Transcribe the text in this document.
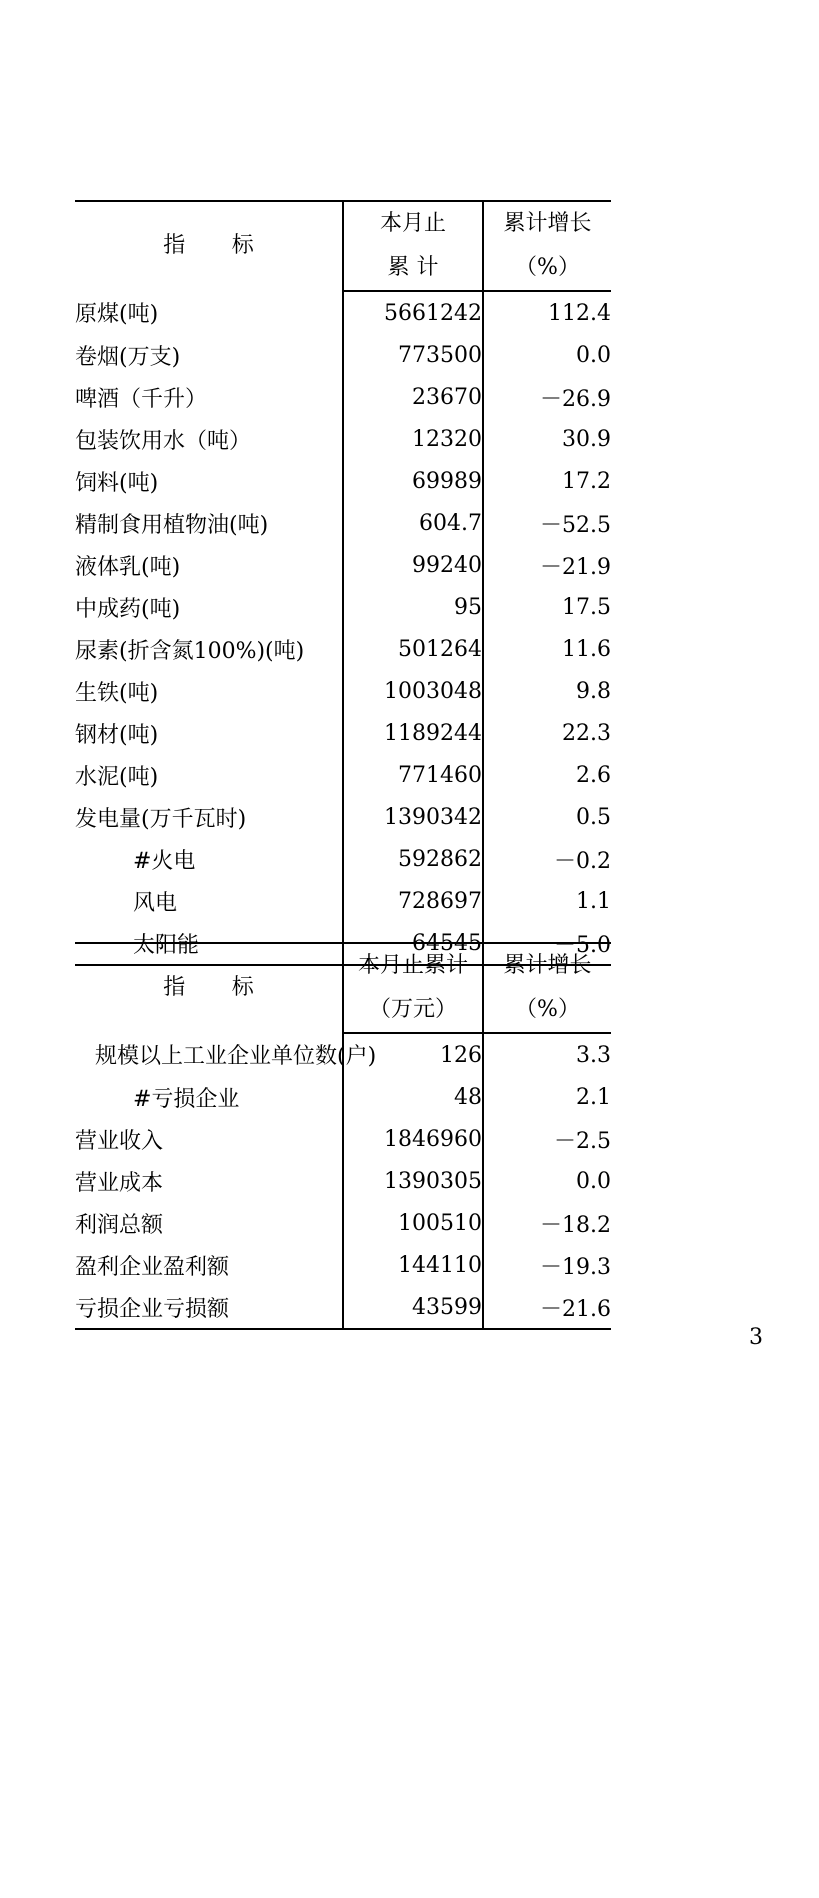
指 标	本月止	累计增长
	累 计	（%）
原煤(吨)	5661242	112.4
卷烟(万支)	773500	0.0
啤酒（千升）	23670	－26.9
包装饮用水（吨）	12320	30.9
饲料(吨)	69989	17.2
精制食用植物油(吨)	604.7	－52.5
液体乳(吨)	99240	－21.9
中成药(吨)	95	17.5
尿素(折含氮100%)(吨)	501264	11.6
生铁(吨)	1003048	9.8
钢材(吨)	1189244	22.3
水泥(吨)	771460	2.6
发电量(万千瓦时)	1390342	0.5
#火电	592862	－0.2
风电	728697	1.1
太阳能	64545	－5.0
指 标	本月止累计	累计增长
	（万元）	（%）
规模以上工业企业单位数(户)	126	3.3
#亏损企业	48	2.1
营业收入	1846960	－2.5
营业成本	1390305	0.0
利润总额	100510	－18.2
盈利企业盈利额	144110	－19.3
亏损企业亏损额	43599	－21.6
3
